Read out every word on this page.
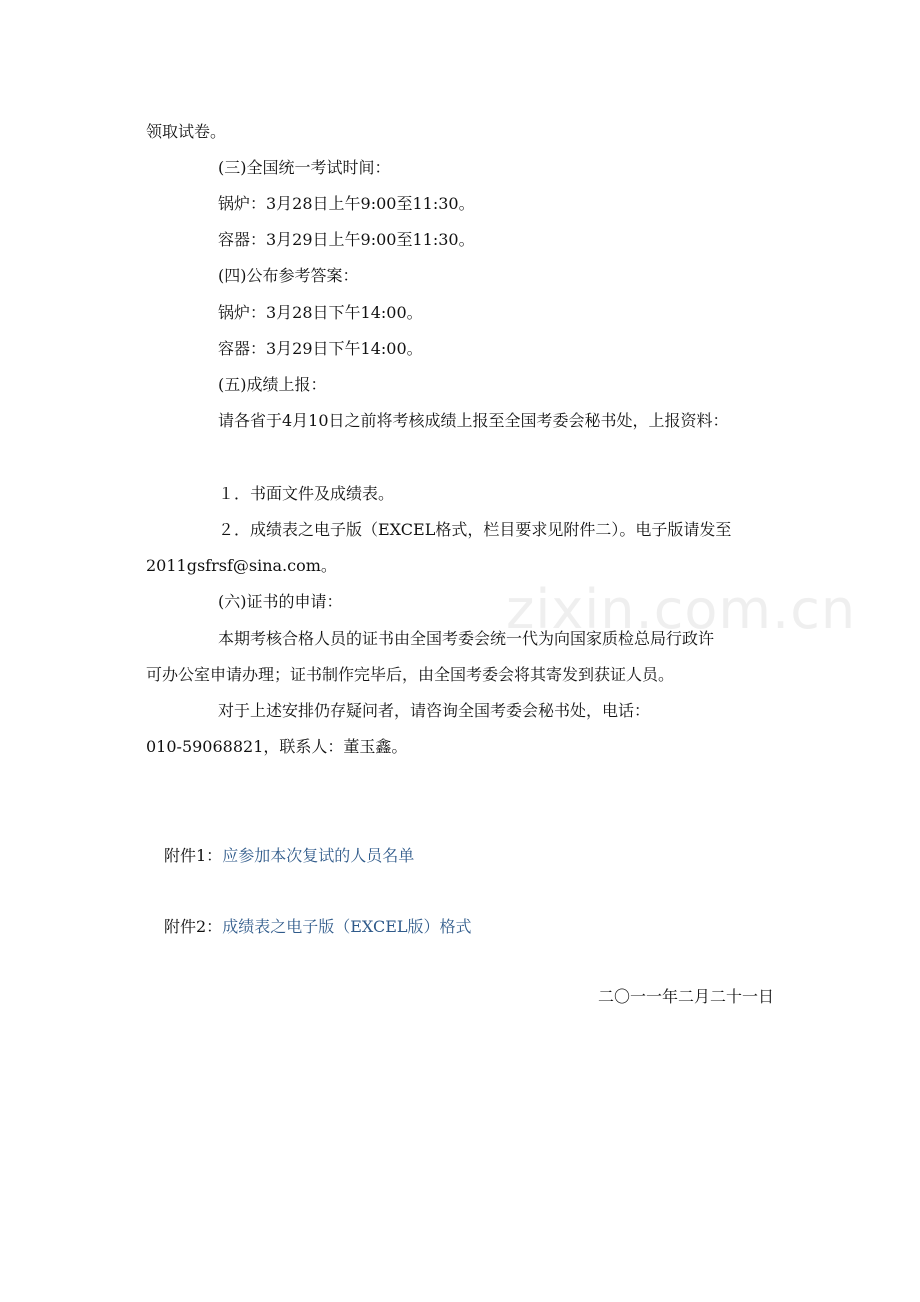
zixin.com.cn
领取试卷。
(三)全国统一考试时间：
锅炉：3月28日上午9:00至11:30。
容器：3月29日上午9:00至11:30。
(四)公布参考答案：
锅炉：3月28日下午14:00。
容器：3月29日下午14:00。
(五)成绩上报：
请各省于4月10日之前将考核成绩上报至全国考委会秘书处，上报资料：
１．书面文件及成绩表。
２．成绩表之电子版（EXCEL格式，栏目要求见附件二）。电子版请发至
2011gsfrsf@sina.com。
(六)证书的申请：
本期考核合格人员的证书由全国考委会统一代为向国家质检总局行政许
可办公室申请办理；证书制作完毕后，由全国考委会将其寄发到获证人员。
对于上述安排仍存疑问者，请咨询全国考委会秘书处，电话：
010-59068821，联系人：董玉鑫。
附件1：应参加本次复试的人员名单
附件2：成绩表之电子版（EXCEL版）格式
二〇一一年二月二十一日
